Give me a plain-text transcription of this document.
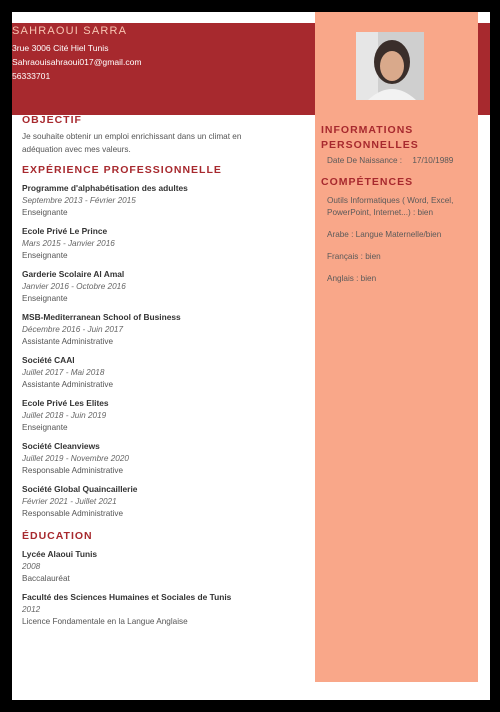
SAHRAOUI SARRA
3rue 3006 Cité Hiel Tunis
Sahraouisahraoui017@gmail.com
56333701
OBJECTIF
Je souhaite obtenir un emploi enrichissant dans un climat en
adéquation avec mes valeurs.
EXPÉRIENCE PROFESSIONNELLE
Programme d'alphabétisation des adultes
Septembre 2013 - Février 2015
Enseignante
Ecole Privé Le Prince
Mars 2015 - Janvier 2016
Enseignante
Garderie Scolaire Al Amal
Janvier 2016 - Octobre 2016
Enseignante
MSB-Mediterranean School of Business
Décembre 2016 - Juin 2017
Assistante Administrative
Société CAAI
Juillet 2017 - Mai 2018
Assistante Administrative
Ecole Privé Les Elites
Juillet 2018 - Juin 2019
Enseignante
Société Cleanviews
Juillet 2019 - Novembre 2020
Responsable Administrative
Société Global Quaincaillerie
Février 2021 - Juillet 2021
Responsable Administrative
ÉDUCATION
Lycée Alaoui Tunis
2008
Baccalauréat
Faculté des Sciences Humaines et Sociales de Tunis
2012
Licence Fondamentale en la Langue Anglaise
INFORMATIONS
PERSONNELLES
Date De Naissance : 17/10/1989
COMPÉTENCES
Outils Informatiques ( Word, Excel,
PowerPoint, Internet...) : bien
Arabe : Langue Maternelle/bien
Français : bien
Anglais : bien
